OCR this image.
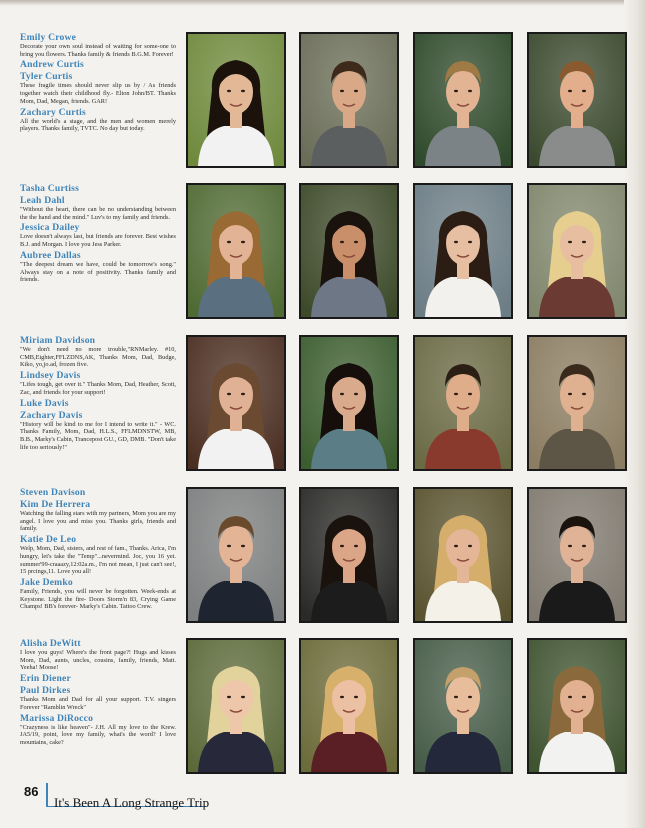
Emily Crowe
Decorate your own soul instead of waiting for some-one to bring you flowers. Thanks family & friends B.G.M. Forever!
Andrew Curtis
Tyler Curtis
These fragile times should never slip us by / As friends together watch their childhood fly.- Elton John/BT. Thanks Mom, Dad, Megan, friends. GAR!
Zachary Curtis
All the world's a stage, and the men and women merely players. Thanks family, TVTC. No day but today.
Tasha Curtiss
Leah Dahl
"Without the heart, there can be no understanding between the the hand and the mind." Luv's to my family and friends.
Jessica Dailey
Love doesn't always last, but friends are forever. Best wishes B.J. and Morgan. I love you Jess Parker.
Aubree Dallas
"The deepest dream we have, could be tomorrow's song." Always stay on a note of positivity. Thanks family and friends.
Miriam Davidson
"We don't need no more trouble,"RNMarley. #10, CMB,Eighter,FFLZDNS,AK, Thanks Mom, Dad, Budge, Kiko, yo,jo.ad, frozen five.
Lindsey Davis
"Lifes tough, get over it." Thanks Mom, Dad, Heather, Scott, Zac, and friends for your support!
Luke Davis
Zachary Davis
"History will be kind to me for I intend to write it." - WC. Thanks Family, Mom, Dad, H.L.S., FFLMDNSTW, MB, B.B., Marky's Cabin, Trancepost GU., GD, DMB. "Don't take life too seriously!"
Steven Davison
Kim De Herrera
Watching the falling stars with my partners, Mom you are my angel. I love you and miss you. Thanks girls, friends and family.
Katie De Leo
Welp, Mom, Dad, sisters, and rest of fam., Thanks. Arica, I'm hungry, let's take the "Temp"...nevermind. Joc, you 16 yet. summer'99-craaazy,12:02a.m., I'm not mean, I just can't see!, 15 prcings,11. Love you all!
Jake Demko
Family, Friends, you will never be forgotten. Week-ends at Keystone. Light the fire- Doors Storm'n 83, Crying Game Champs! BB's forever- Marky's Cabin. Tattoo Crew.
Alisha DeWitt
I love you guys! Where's the front page?! Hugs and kisses Mom, Dad, aunts, uncles, cousins, family, friends, Matt. Yeeha! Moose!
Erin Diener
Paul Dirkes
Thanks Mom and Dad for all your support. T.V. singers Forever "Ramblin Wreck"
Marissa DiRocco
"Crazyness is like heaven"- J.H. All my love to the Krew. JA5/19, point, love my family, what's the word? I love mountains, cake?
86
It's Been A Long Strange Trip
